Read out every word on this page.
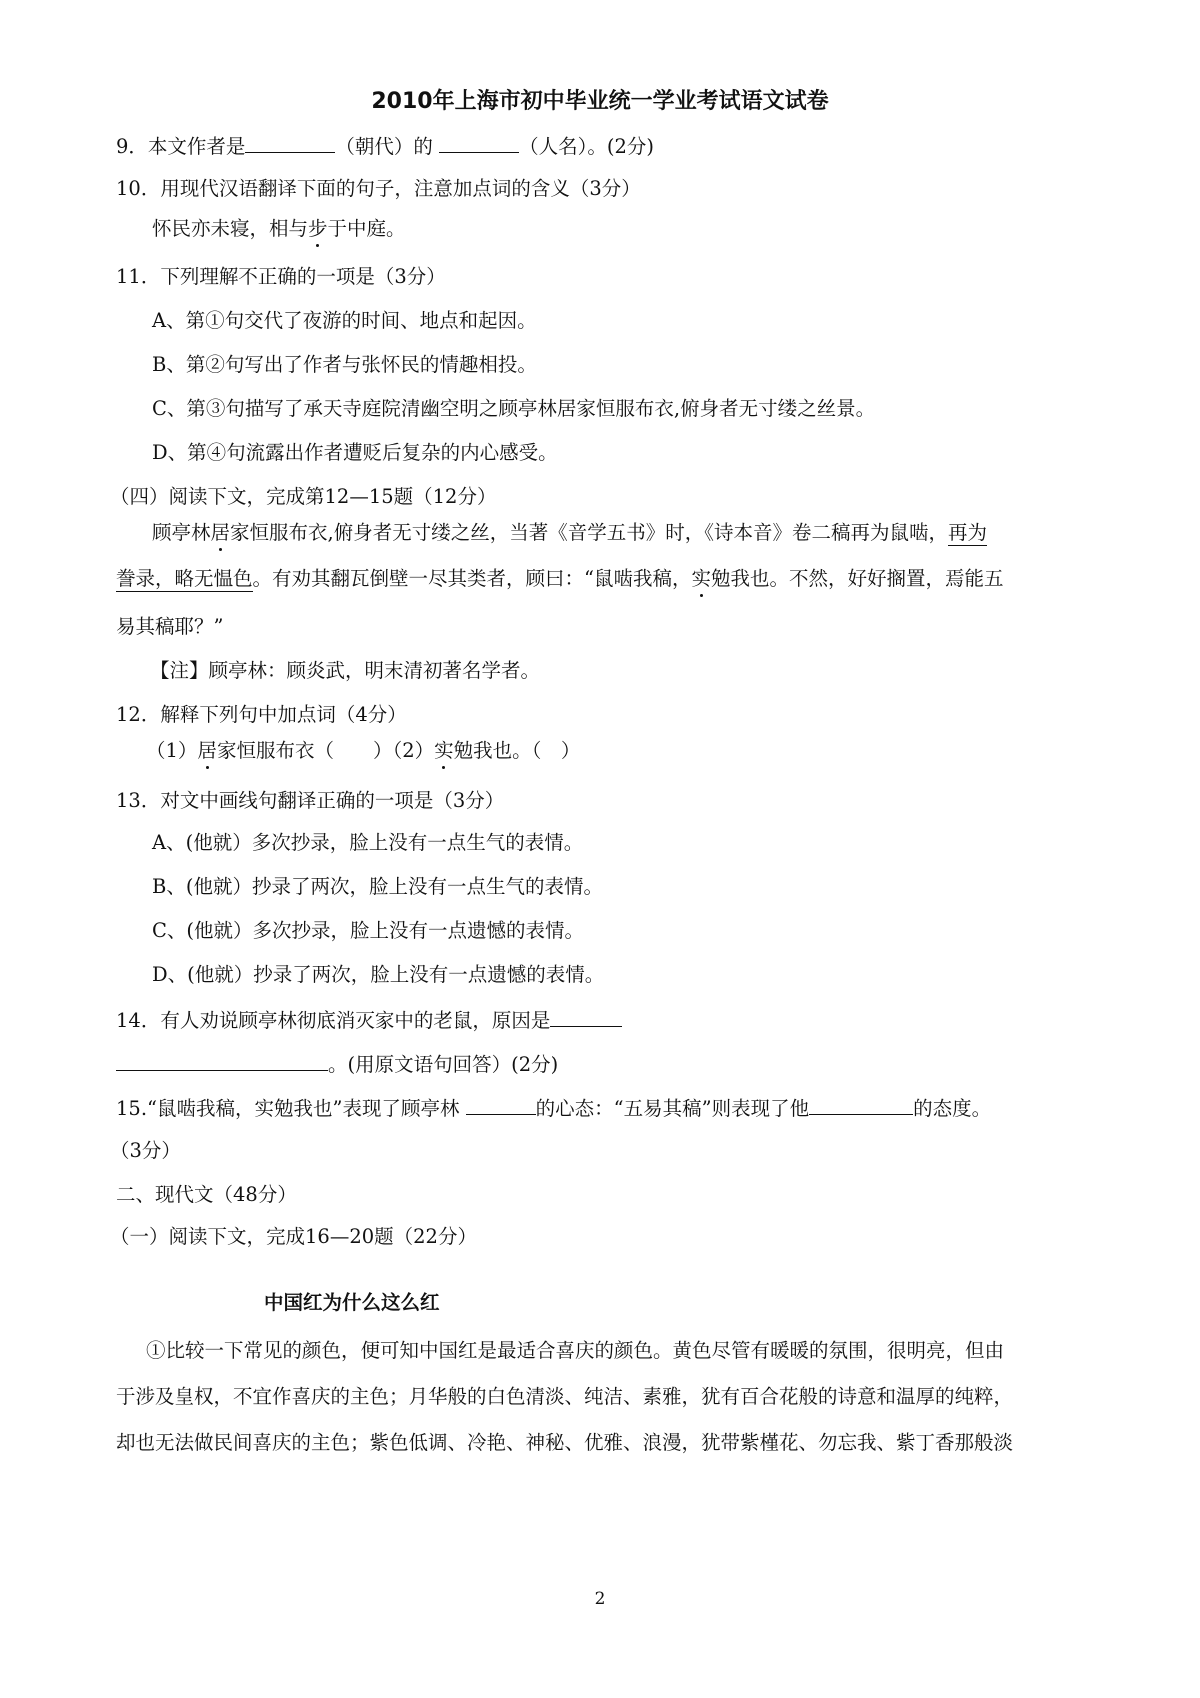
2010年上海市初中毕业统一学业考试语文试卷
9．本文作者是	（朝代）的	（人名）。(2分)
10．用现代汉语翻译下面的句子，注意加点词的含义（3分）
怀民亦未寝，相与步于中庭。
11．下列理解不正确的一项是（3分）
A、第①句交代了夜游的时间、地点和起因。
B、第②句写出了作者与张怀民的情趣相投。
C、第③句描写了承天寺庭院清幽空明之顾亭林居家恒服布衣,俯身者无寸缕之丝景。
D、第④句流露出作者遭贬后复杂的内心感受。
（四）阅读下文，完成第12—15题（12分）
顾亭林居家恒服布衣,俯身者无寸缕之丝，当著《音学五书》时，《诗本音》卷二稿再为鼠啮，再为
誊录，略无愠色。有劝其翻瓦倒壁一尽其类者，顾曰：“鼠啮我稿，实勉我也。不然，好好搁置，焉能五
易其稿耶？”
【注】顾亭林：顾炎武，明末清初著名学者。
12．解释下列句中加点词（4分）
（1）居家恒服布衣（　　）（2）实勉我也。（　）
13．对文中画线句翻译正确的一项是（3分）
A、(他就）多次抄录，脸上没有一点生气的表情。
B、(他就）抄录了两次，脸上没有一点生气的表情。
C、(他就）多次抄录，脸上没有一点遗憾的表情。
D、(他就）抄录了两次，脸上没有一点遗憾的表情。
14．有人劝说顾亭林彻底消灭家中的老鼠，原因是
。(用原文语句回答）(2分)
15.“鼠啮我稿，实勉我也”表现了顾亭林	的心态：“五易其稿”则表现了他	的态度。
（3分）
二、现代文（48分）
（一）阅读下文，完成16—20题（22分）
中国红为什么这么红
①比较一下常见的颜色，便可知中国红是最适合喜庆的颜色。黄色尽管有暖暖的氛围，很明亮，但由
于涉及皇权，不宜作喜庆的主色；月华般的白色清淡、纯洁、素雅，犹有百合花般的诗意和温厚的纯粹，
却也无法做民间喜庆的主色；紫色低调、冷艳、神秘、优雅、浪漫，犹带紫槿花、勿忘我、紫丁香那般淡
2
